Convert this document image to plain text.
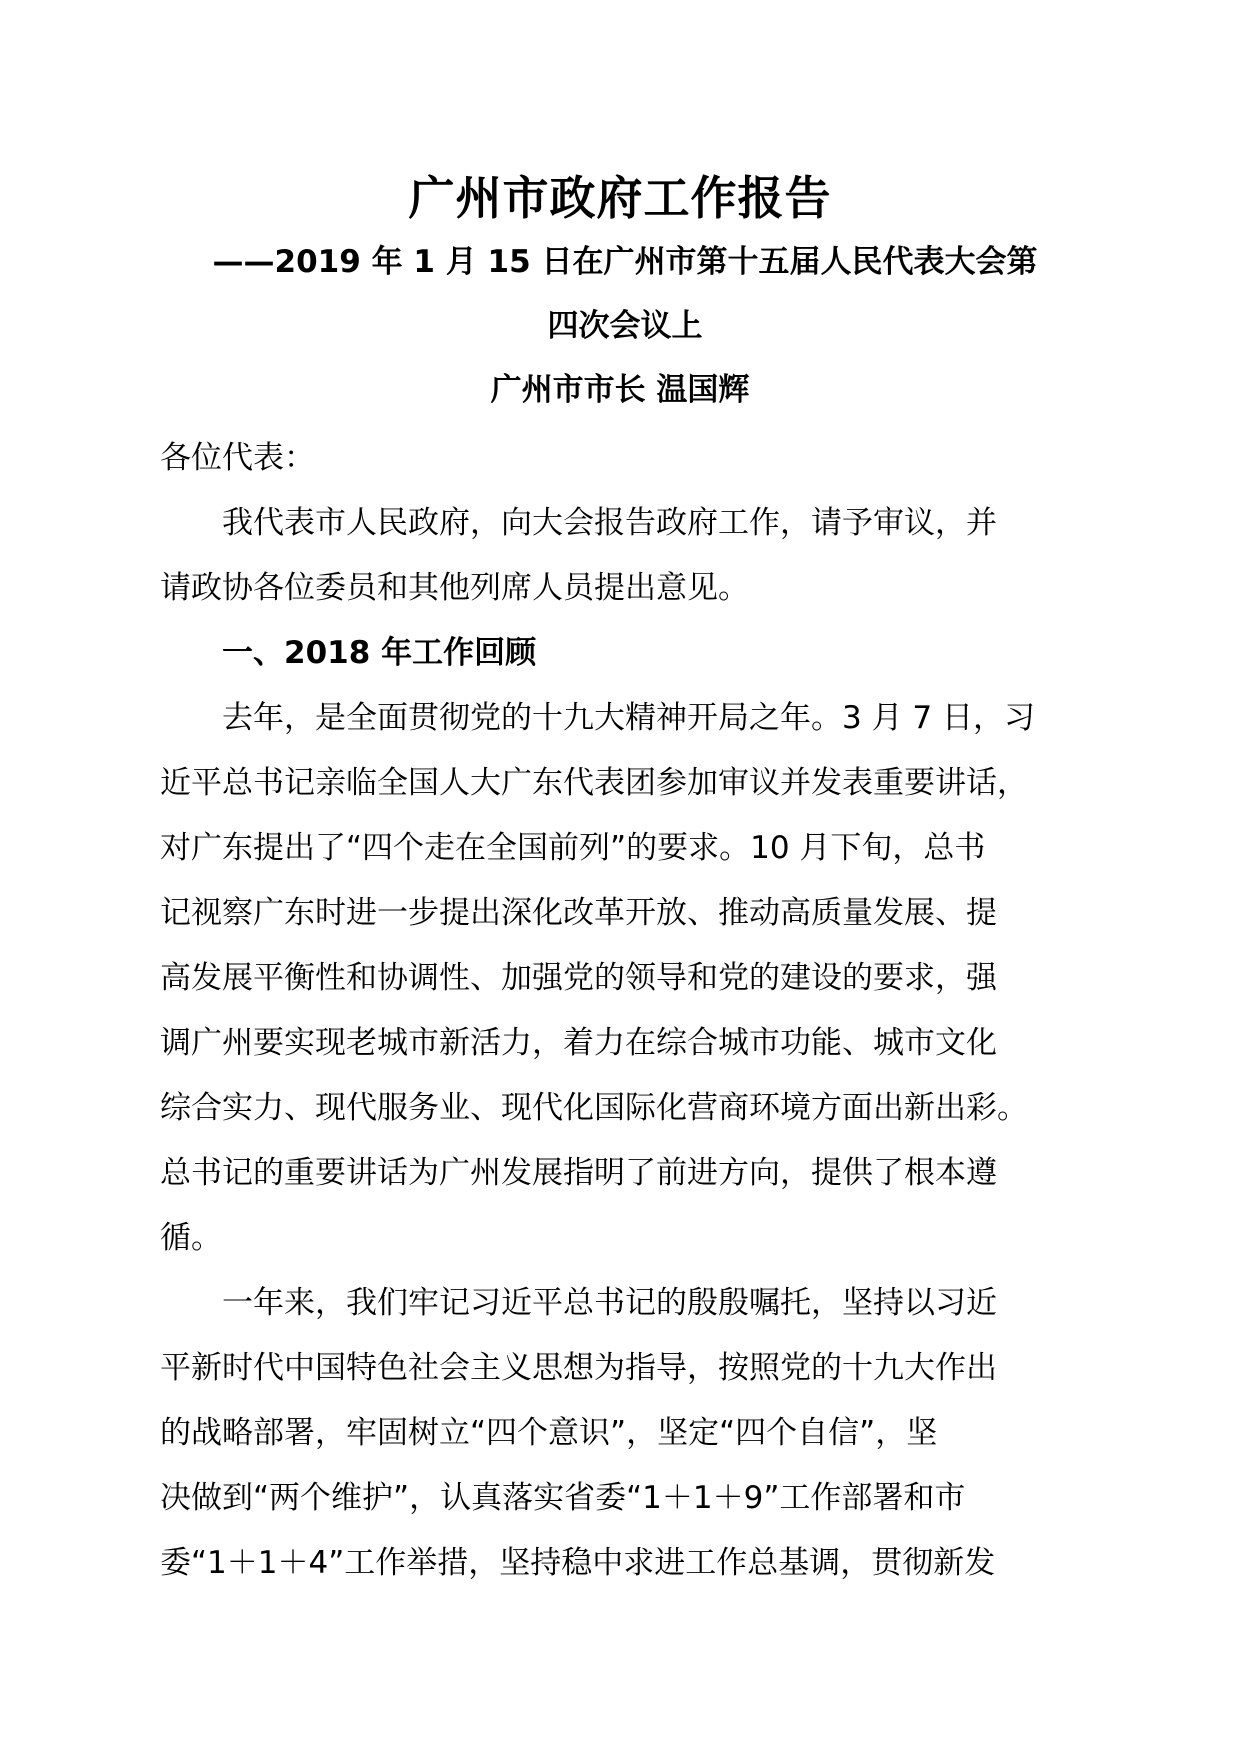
广州市政府工作报告
——2019 年 1 月 15 日在广州市第十五届人民代表大会第
四次会议上
广州市市长 温国辉
各位代表：
我代表市人民政府，向大会报告政府工作，请予审议，并
请政协各位委员和其他列席人员提出意见。
一、2018 年工作回顾
去年，是全面贯彻党的十九大精神开局之年。3 月 7 日，习
近平总书记亲临全国人大广东代表团参加审议并发表重要讲话，
对广东提出了“四个走在全国前列”的要求。10 月下旬，总书
记视察广东时进一步提出深化改革开放、推动高质量发展、提
高发展平衡性和协调性、加强党的领导和党的建设的要求，强
调广州要实现老城市新活力，着力在综合城市功能、城市文化
综合实力、现代服务业、现代化国际化营商环境方面出新出彩。
总书记的重要讲话为广州发展指明了前进方向，提供了根本遵
循。
一年来，我们牢记习近平总书记的殷殷嘱托，坚持以习近
平新时代中国特色社会主义思想为指导，按照党的十九大作出
的战略部署，牢固树立“四个意识”，坚定“四个自信”，坚
决做到“两个维护”，认真落实省委“1＋1＋9”工作部署和市
委“1＋1＋4”工作举措，坚持稳中求进工作总基调，贯彻新发
